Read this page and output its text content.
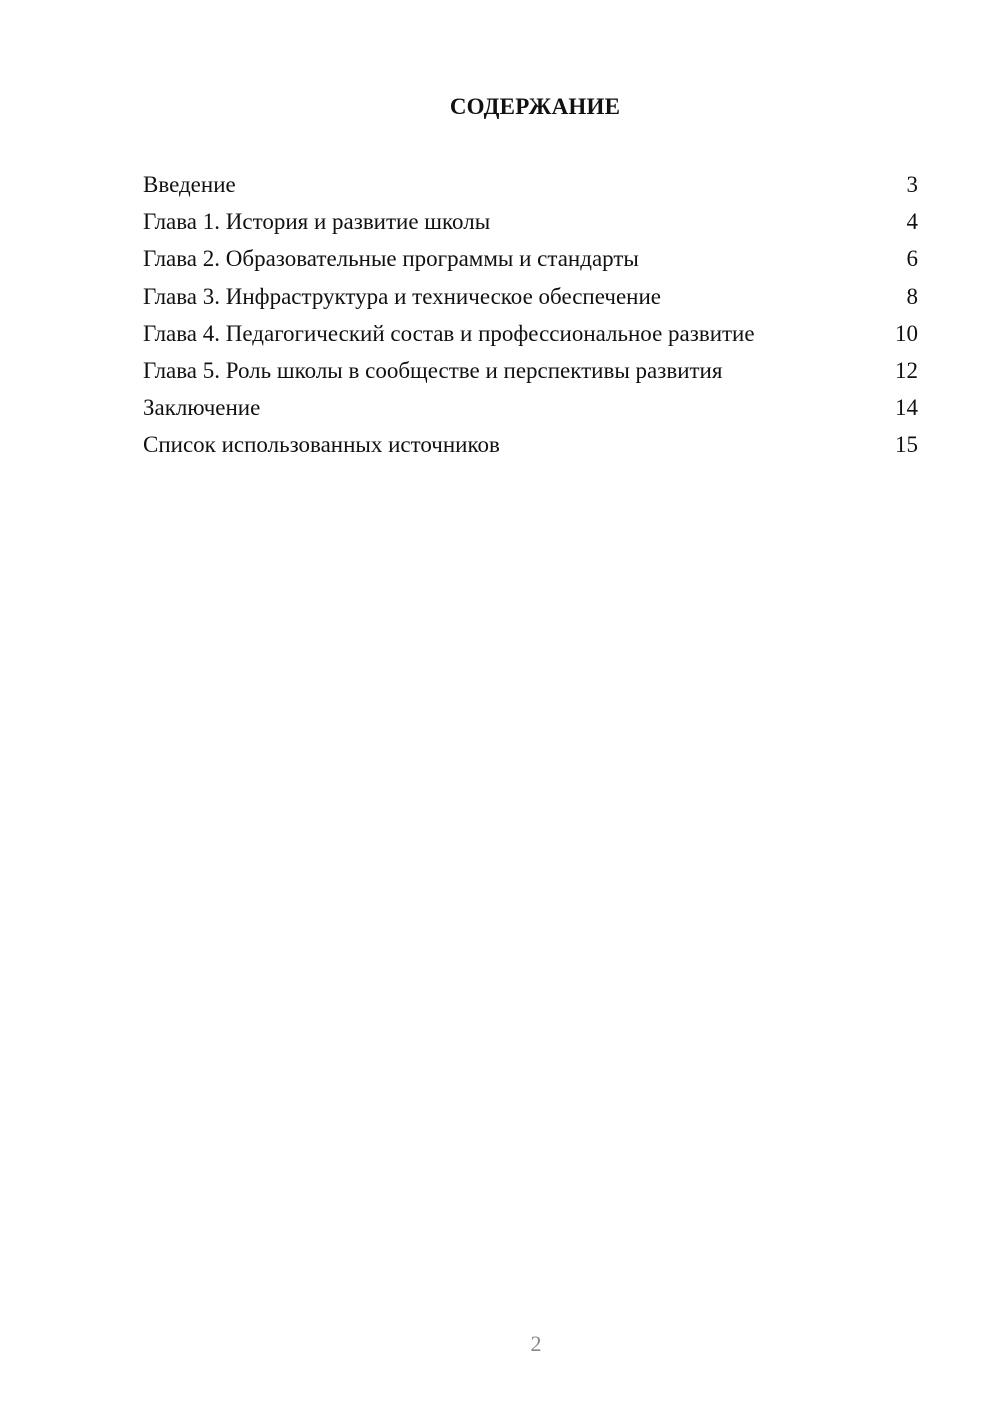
СОДЕРЖАНИЕ
Введение	3
Глава 1. История и развитие школы	4
Глава 2. Образовательные программы и стандарты	6
Глава 3. Инфраструктура и техническое обеспечение	8
Глава 4. Педагогический состав и профессиональное развитие	10
Глава 5. Роль школы в сообществе и перспективы развития	12
Заключение	14
Список использованных источников	15
2
